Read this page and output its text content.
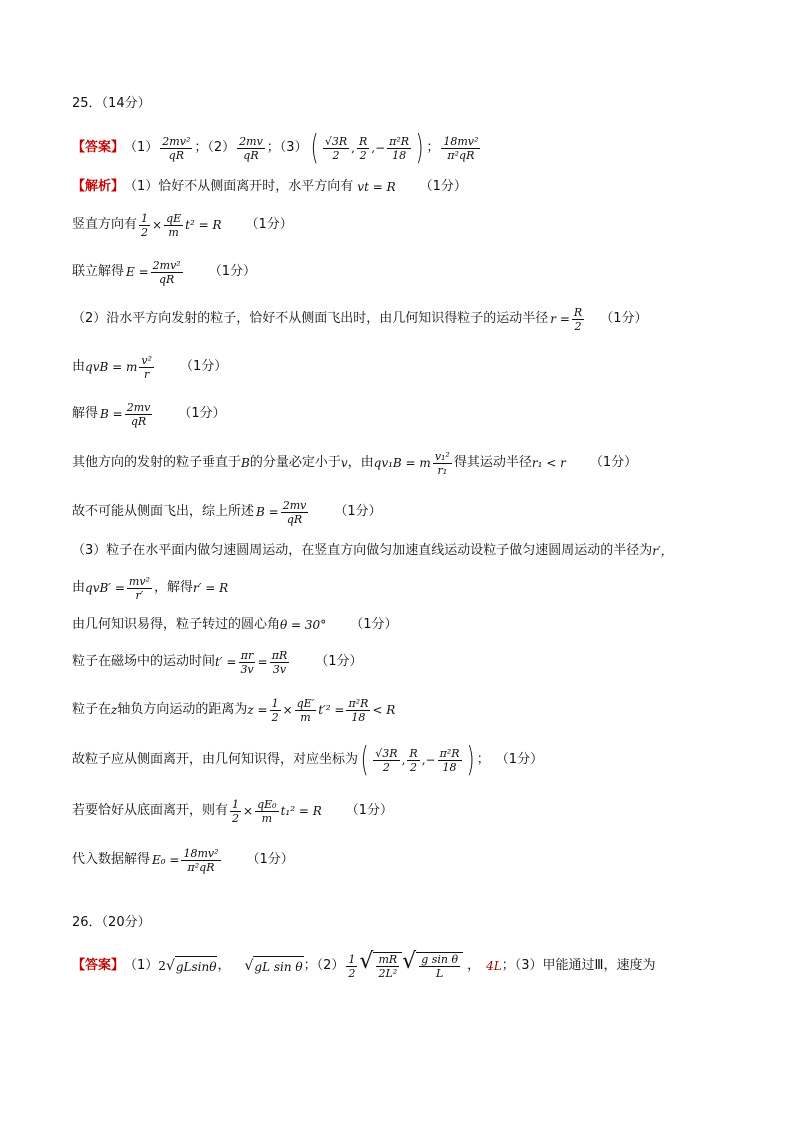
25．（14分）
【答案】 $(1) \frac{\text{2mv²}}{qR}$ ；$(2) \frac{2mv}{qR}$ ；（3） ( $\frac{√3R}{2}$ , $\frac{R}{2}$ , − $\frac{\text{π²R}}{18}$ ) ； $\frac{\text{18mv²}}{\text{π²qR}}$
【解析】 （1）恰好不从侧面离开时，水平方向有 vt = R （1分）
竖直方向有 $\frac{1}{2} \times \frac{qE}{m} t^2 = R$ （1分）
联立解得 $E = \frac{\text{2mv²}}{qR} (1$分）
（2）沿水平方向发射的粒子，恰好不从侧面飞出时，由几何知识得粒子的运动半径 $r = \frac{R}{2} (1$分）
由 qvB = m $\frac{\text{v²}}{r} (1$分）
解得 $B = \frac{2mv}{qR} (1$分）
其他方向的发射的粒子垂直于 B 的分量必定小于 v ，由 qv₁B = m $\frac{\text{v₁²}}{\text{r₁}}$ 得其运动半径 r₁ < r （1分）
故不可能从侧面飞出，综上所述 $B = \frac{2mv}{qR} (1$分）
（3）粒子在水平面内做匀速圆周运动，在竖直方向做匀加速直线运动设粒子做匀速圆周运动的半径为 r′，
由 $qvB' = \frac{\text{mv²}}{r'}$ ，解得 r′ = R
由几何知识易得，粒子转过的圆心角 θ = 30° （1分）
粒子在磁场中的运动时间 $t' = \frac{\pi r}{3v} = \frac{\pi R}{3v} (1$分）
粒子在 z 轴负方向运动的距离为 $z = \frac{1}{2} \times \frac{qE'}{m} t'^2 = \frac{\text{π²R}}{18} < R$
故粒子应从侧面离开，由几何知识得，对应坐标为 ( $\frac{√3R}{2}$ , $\frac{R}{2}$ , − $\frac{\text{π²R}}{18}$ ) ； （1分）
若要恰好从底面离开，则有 $\frac{1}{2} \times \frac{\text{qE₀}}{m} t_1^2 = R$ （1分）
代入数据解得 $E_0 = \frac{\text{18mv²}}{\text{π²qR}} (1$分）
26．（20分）
【答案】 （1） 2 √ gLsinθ ， √ gL sin θ ；$(2) \frac{1}{2}$ √ $\frac{mR}{\text{2L²}}$ √ $\frac{\text{g sin θ}}{L}$ ， 4L ；（3）甲能通过Ⅲ，速度为
